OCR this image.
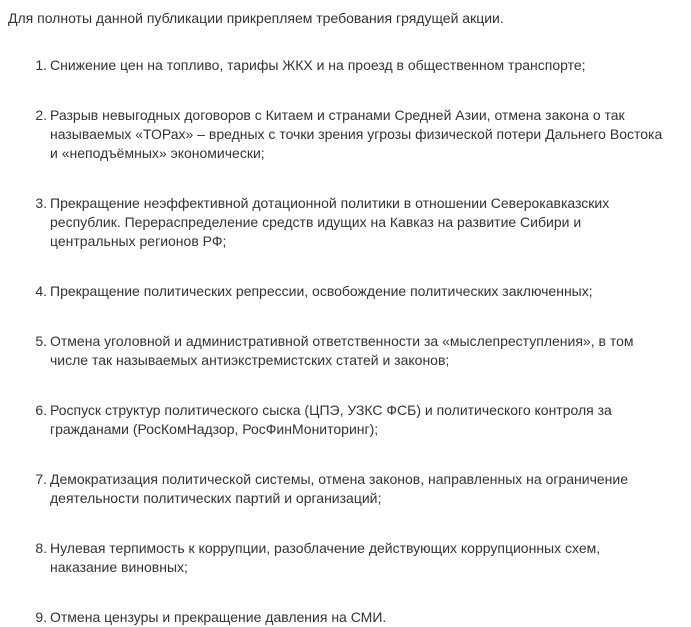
Для полноты данной публикации прикрепляем требования грядущей акции.

1. Снижение цен на топливо, тарифы ЖКХ и на проезд в общественном транспорте;
2. Разрыв невыгодных договоров с Китаем и странами Средней Азии, отмена закона о так
называемых «ТОРах» – вредных с точки зрения угрозы физической потери Дальнего Востока
и «неподъёмных» экономически;
3. Прекращение неэффективной дотационной политики в отношении Северокавказских
республик. Перераспределение средств идущих на Кавказ на развитие Сибири и
центральных регионов РФ;
4. Прекращение политических репрессии, освобождение политических заключенных;
5. Отмена уголовной и административной ответственности за «мыслепреступления», в том
числе так называемых антиэкстремистских статей и законов;
6. Роспуск структур политического сыска (ЦПЭ, УЗКС ФСБ) и политического контроля за
гражданами (РосКомНадзор, РосФинМониторинг);
7. Демократизация политической системы, отмена законов, направленных на ограничение
деятельности политических партий и организаций;
8. Нулевая терпимость к коррупции, разоблачение действующих коррупционных схем,
наказание виновных;
9. Отмена цензуры и прекращение давления на СМИ.
